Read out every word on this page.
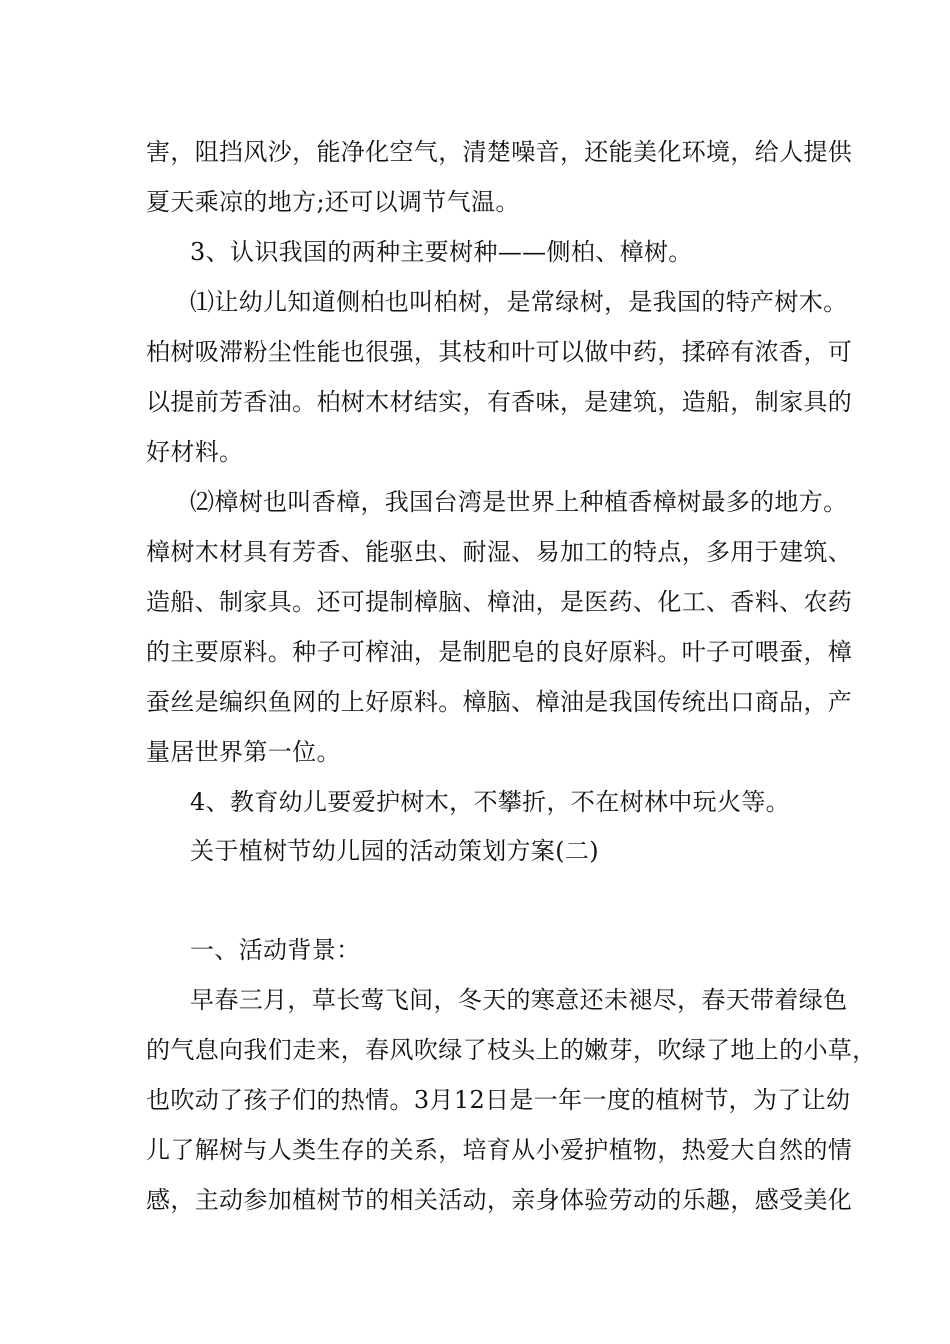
害，阻挡风沙，能净化空气，清楚噪音，还能美化环境，给人提供
夏天乘凉的地方;还可以调节气温。
3、认识我国的两种主要树种——侧柏、樟树。
⑴让幼儿知道侧柏也叫柏树，是常绿树，是我国的特产树木。
柏树吸滞粉尘性能也很强，其枝和叶可以做中药，揉碎有浓香，可
以提前芳香油。柏树木材结实，有香味，是建筑，造船，制家具的
好材料。
⑵樟树也叫香樟，我国台湾是世界上种植香樟树最多的地方。
樟树木材具有芳香、能驱虫、耐湿、易加工的特点，多用于建筑、
造船、制家具。还可提制樟脑、樟油，是医药、化工、香料、农药
的主要原料。种子可榨油，是制肥皂的良好原料。叶子可喂蚕，樟
蚕丝是编织鱼网的上好原料。樟脑、樟油是我国传统出口商品，产
量居世界第一位。
4、教育幼儿要爱护树木，不攀折，不在树林中玩火等。
关于植树节幼儿园的活动策划方案(二)
一、活动背景：
早春三月，草长莺飞间，冬天的寒意还未褪尽，春天带着绿色
的气息向我们走来，春风吹绿了枝头上的嫩芽，吹绿了地上的小草，
也吹动了孩子们的热情。3月12日是一年一度的植树节，为了让幼
儿了解树与人类生存的关系，培育从小爱护植物，热爱大自然的情
感，主动参加植树节的相关活动，亲身体验劳动的乐趣，感受美化
